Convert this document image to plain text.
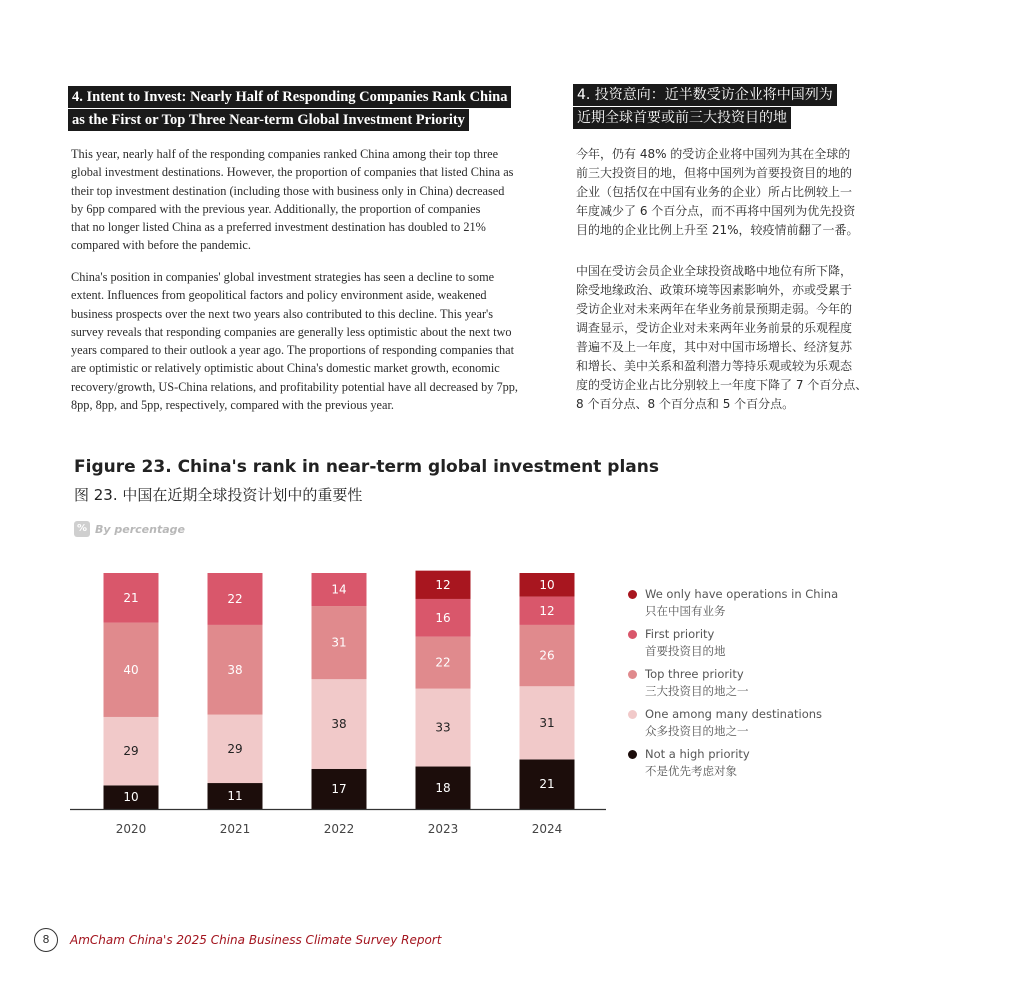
4. Intent to Invest: Nearly Half of Responding Companies Rank China
as the First or Top Three Near-term Global Investment Priority
4. 投资意向：近半数受访企业将中国列为
近期全球首要或前三大投资目的地
This year, nearly half of the responding companies ranked China among their top three
global investment destinations. However, the proportion of companies that listed China as
their top investment destination (including those with business only in China) decreased
by 6pp compared with the previous year. Additionally, the proportion of companies
that no longer listed China as a preferred investment destination has doubled to 21%
compared with before the pandemic.
China's position in companies' global investment strategies has seen a decline to some
extent. Influences from geopolitical factors and policy environment aside, weakened
business prospects over the next two years also contributed to this decline. This year's
survey reveals that responding companies are generally less optimistic about the next two
years compared to their outlook a year ago. The proportions of responding companies that
are optimistic or relatively optimistic about China's domestic market growth, economic
recovery/growth, US-China relations, and profitability potential have all decreased by 7pp,
8pp, 8pp, and 5pp, respectively, compared with the previous year.
今年，仍有 48% 的受访企业将中国列为其在全球的
前三大投资目的地，但将中国列为首要投资目的地的
企业（包括仅在中国有业务的企业）所占比例较上一
年度减少了 6 个百分点，而不再将中国列为优先投资
目的地的企业比例上升至 21%，较疫情前翻了一番。
中国在受访会员企业全球投资战略中地位有所下降，
除受地缘政治、政策环境等因素影响外，亦或受累于
受访企业对未来两年在华业务前景预期走弱。今年的
调查显示，受访企业对未来两年业务前景的乐观程度
普遍不及上一年度，其中对中国市场增长、经济复苏
和增长、美中关系和盈利潜力等持乐观或较为乐观态
度的受访企业占比分别较上一年度下降了 7 个百分点、
8 个百分点、8 个百分点和 5 个百分点。
Figure 23. China's rank in near-term global investment plans
图 23. 中国在近期全球投资计划中的重要性
% By percentage
10
29
40
21
2020
11
29
38
22
2021
17
38
31
14
2022
18
33
22
16
12
2023
21
31
26
12
10
2024
We only have operations in China
只在中国有业务
First priority
首要投资目的地
Top three priority
三大投资目的地之一
One among many destinations
众多投资目的地之一
Not a high priority
不是优先考虑对象
8	AmCham China's 2025 China Business Climate Survey Report
